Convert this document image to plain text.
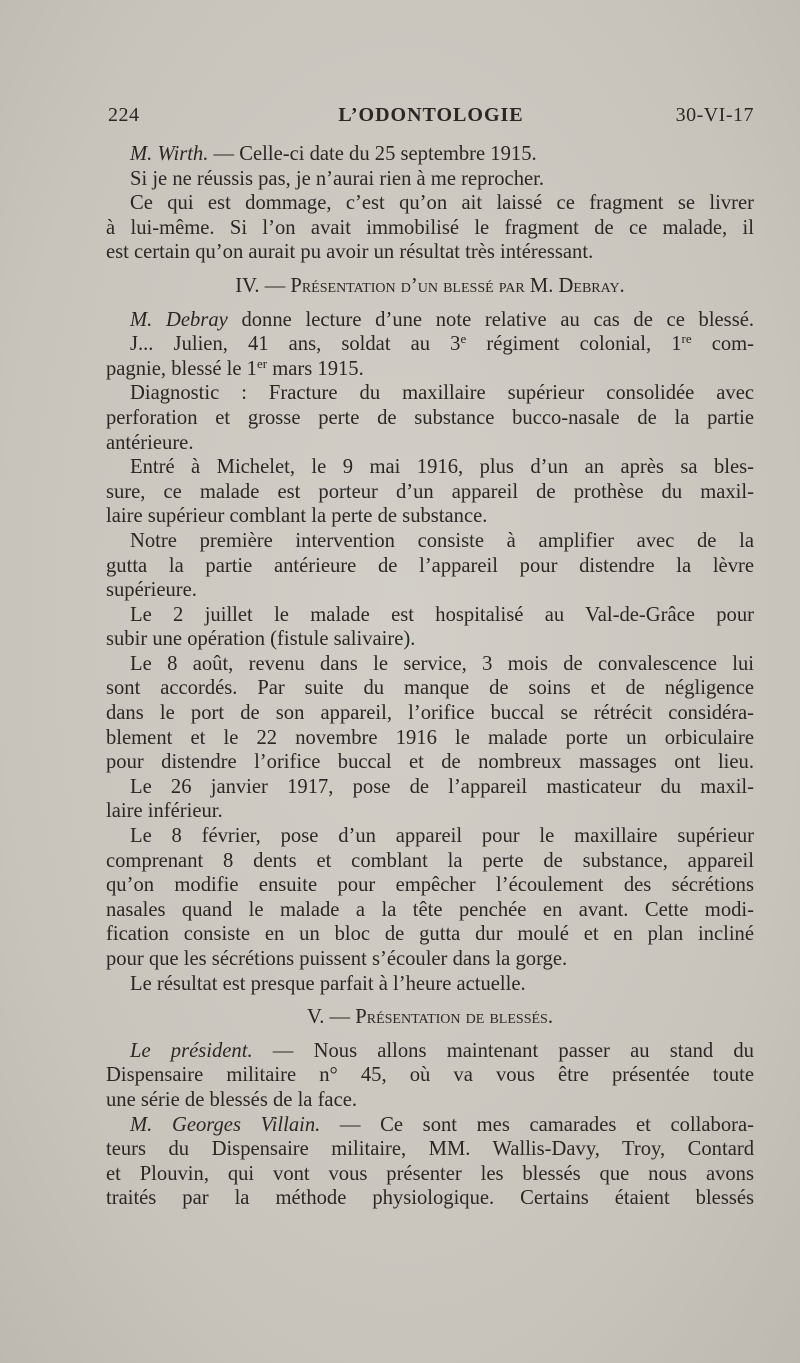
224	L’ODONTOLOGIE	30-VI-17
M. Wirth. — Celle-ci date du 25 septembre 1915.
Si je ne réussis pas, je n’aurai rien à me reprocher.
Ce qui est dommage, c’est qu’on ait laissé ce fragment se livrer
à lui-même. Si l’on avait immobilisé le fragment de ce malade, il
est certain qu’on aurait pu avoir un résultat très intéressant.
IV. — Présentation d’un blessé par M. Debray.
M. Debray donne lecture d’une note relative au cas de ce blessé.
J... Julien, 41 ans, soldat au 3e régiment colonial, 1re com-
pagnie, blessé le 1er mars 1915.
Diagnostic : Fracture du maxillaire supérieur consolidée avec
perforation et grosse perte de substance bucco-nasale de la partie
antérieure.
Entré à Michelet, le 9 mai 1916, plus d’un an après sa bles-
sure, ce malade est porteur d’un appareil de prothèse du maxil-
laire supérieur comblant la perte de substance.
Notre première intervention consiste à amplifier avec de la
gutta la partie antérieure de l’appareil pour distendre la lèvre
supérieure.
Le 2 juillet le malade est hospitalisé au Val-de-Grâce pour
subir une opération (fistule salivaire).
Le 8 août, revenu dans le service, 3 mois de convalescence lui
sont accordés. Par suite du manque de soins et de négligence
dans le port de son appareil, l’orifice buccal se rétrécit considéra-
blement et le 22 novembre 1916 le malade porte un orbiculaire
pour distendre l’orifice buccal et de nombreux massages ont lieu.
Le 26 janvier 1917, pose de l’appareil masticateur du maxil-
laire inférieur.
Le 8 février, pose d’un appareil pour le maxillaire supérieur
comprenant 8 dents et comblant la perte de substance, appareil
qu’on modifie ensuite pour empêcher l’écoulement des sécrétions
nasales quand le malade a la tête penchée en avant. Cette modi-
fication consiste en un bloc de gutta dur moulé et en plan incliné
pour que les sécrétions puissent s’écouler dans la gorge.
Le résultat est presque parfait à l’heure actuelle.
V. — Présentation de blessés.
Le président. — Nous allons maintenant passer au stand du
Dispensaire militaire n° 45, où va vous être présentée toute
une série de blessés de la face.
M. Georges Villain. — Ce sont mes camarades et collabora-
teurs du Dispensaire militaire, MM. Wallis-Davy, Troy, Contard
et Plouvin, qui vont vous présenter les blessés que nous avons
traités par la méthode physiologique. Certains étaient blessés
